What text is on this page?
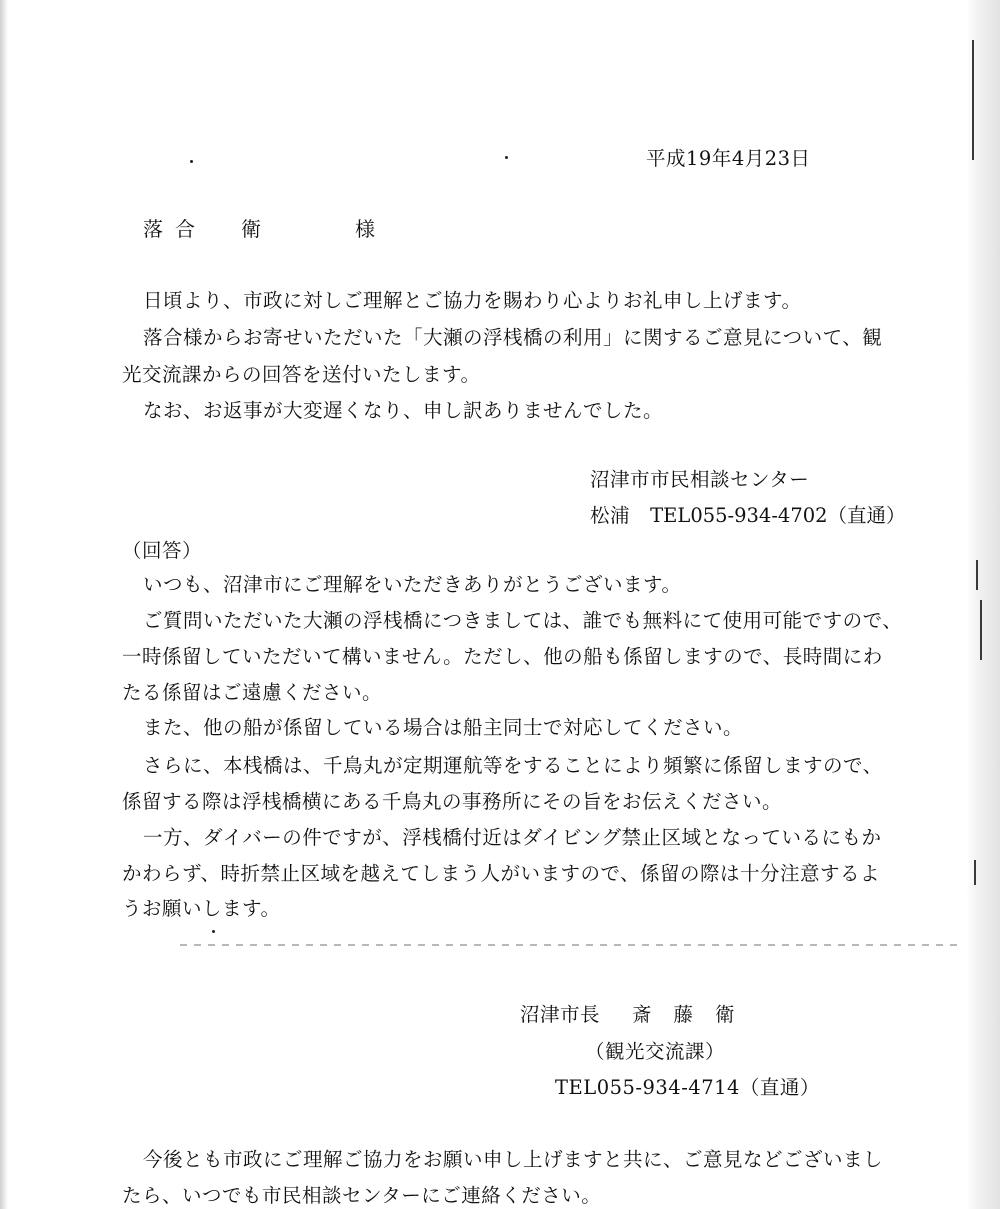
平成19年4月23日
落合 衛	様
日頃より、市政に対しご理解とご協力を賜わり心よりお礼申し上げます。
落合様からお寄せいただいた「大瀬の浮桟橋の利用」に関するご意見について、観
光交流課からの回答を送付いたします。
なお、お返事が大変遅くなり、申し訳ありませんでした。
沼津市市民相談センター
松浦 TEL055-934-4702（直通）
（回答）
いつも、沼津市にご理解をいただきありがとうございます。
ご質問いただいた大瀬の浮桟橋につきましては、誰でも無料にて使用可能ですので、
一時係留していただいて構いません。ただし、他の船も係留しますので、長時間にわ
たる係留はご遠慮ください。
また、他の船が係留している場合は船主同士で対応してください。
さらに、本桟橋は、千鳥丸が定期運航等をすることにより頻繁に係留しますので、
係留する際は浮桟橋横にある千鳥丸の事務所にその旨をお伝えください。
一方、ダイバーの件ですが、浮桟橋付近はダイビング禁止区域となっているにもか
かわらず、時折禁止区域を越えてしまう人がいますので、係留の際は十分注意するよ
うお願いします。
沼津市長 斎藤衛
（観光交流課）
TEL055-934-4714（直通）
今後とも市政にご理解ご協力をお願い申し上げますと共に、ご意見などございまし
たら、いつでも市民相談センターにご連絡ください。
